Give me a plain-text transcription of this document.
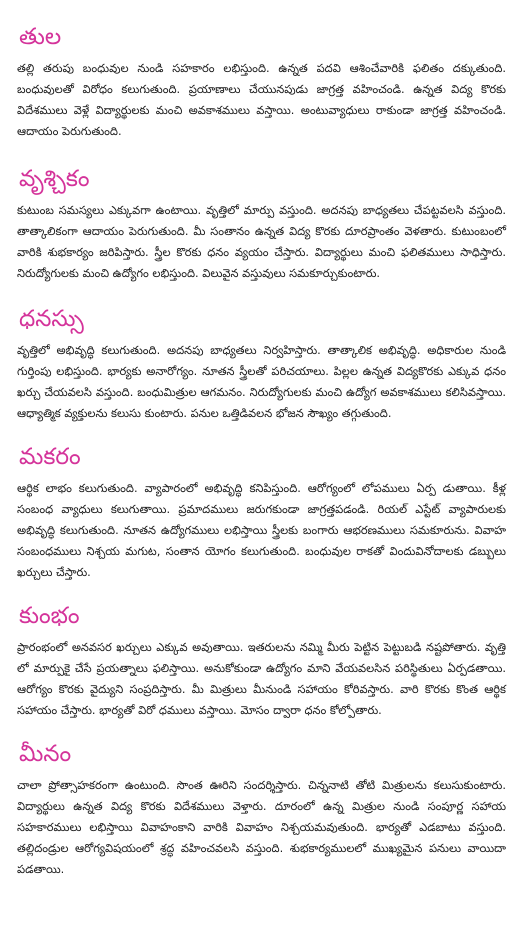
తుల

తల్లి తరుపు బంధువుల నుండి సహకారం లభిస్తుంది. ఉన్నత పదవి ఆశించేవారికి ఫలితం దక్కుతుంది. బంధువులతో విరోధం కలుగుతుంది. ప్రయాణాలు చేయునపుడు జాగ్రత్త వహించండి. ఉన్నత విద్య కొరకు విదేశములు వెళ్లే విద్యార్థులకు మంచి అవకాశములు వస్తాయి. అంటువ్యాధులు రాకుండా జాగ్రత్త వహించండి. ఆదాయం పెరుగుతుంది.

వృశ్చికం

కుటుంబ సమస్యలు ఎక్కువగా ఉంటాయి. వృత్తిలో మార్పు వస్తుంది. అదనపు బాధ్యతలు చేపట్టవలసి వస్తుంది. తాత్కాలికంగా ఆదాయం పెరుగుతుంది. మీ సంతానం ఉన్నత విద్య కొరకు దూరప్రాంతం వెళతారు. కుటుంబంలో వారికి శుభకార్యం జరిపిస్తారు. స్త్రీల కొరకు ధనం వ్యయం చేస్తారు. విద్యార్థులు మంచి ఫలితములు సాధిస్తారు. నిరుద్యోగులకు మంచి ఉద్యోగం లభిస్తుంది. విలువైన వస్తువులు సమకూర్చుకుంటారు.

ధనస్సు

వృత్తిలో అభివృద్ధి కలుగుతుంది. అదనపు బాధ్యతలు నిర్వహిస్తారు. తాత్కాలిక అభివృద్ధి. అధికారుల నుండి గుర్తింపు లభిస్తుంది. భార్యకు అనారోగ్యం. నూతన స్త్రీలతో పరిచయాలు. పిల్లల ఉన్నత విద్యకొరకు ఎక్కువ ధనం ఖర్చు చేయవలసి వస్తుంది. బంధుమిత్రుల ఆగమనం. నిరుద్యోగులకు మంచి ఉద్యోగ అవకాశములు కలిసివస్తాయి. ఆధ్యాత్మిక వ్యక్తులను కలుసు కుంటారు. పనుల ఒత్తిడివలన భోజన సౌఖ్యం తగ్గుతుంది.

మకరం

ఆర్థిక లాభం కలుగుతుంది. వ్యాపారంలో అభివృద్ధి కనిపిస్తుంది. ఆరోగ్యంలో లోపములు ఏర్ప డుతాయి. కీళ్ల సంబంధ వ్యాధులు కలుగుతాయి. ప్రమాదములు జరుగకుండా జాగ్రత్తపడండి. రియల్ ఎస్టేట్ వ్యాపారులకు అభివృద్ధి కలుగుతుంది. నూతన ఉద్యోగములు లభిస్తాయి స్త్రీలకు బంగారు ఆభరణములు సమకూరును. వివాహ సంబంధములు నిశ్చయ మగుట, సంతాన యోగం కలుగుతుంది. బంధువుల రాకతో విందువినోదాలకు డబ్బులు ఖర్చులు చేస్తారు.

కుంభం

ప్రారంభంలో అనవసర ఖర్చులు ఎక్కువ అవుతాయి. ఇతరులను నమ్మి మీరు పెట్టిన పెట్టుబడి నష్టపోతారు. వృత్తి లో మార్పుకై చేసే ప్రయత్నాలు ఫలిస్తాయి. అనుకోకుండా ఉద్యోగం మాని వేయవలసిన పరిస్థితులు ఏర్పడతాయి. ఆరోగ్యం కొరకు వైద్యుని సంప్రదిస్తారు. మీ మిత్రులు మీనుండి సహాయం కోరివస్తారు. వారి కొరకు కొంత ఆర్థిక సహాయం చేస్తారు. భార్యతో విరో ధములు వస్తాయి. మోసం ద్వారా ధనం కోల్పోతారు.

మీనం

చాలా ప్రోత్సాహకరంగా ఉంటుంది. సొంత ఊరిని సందర్శిస్తారు. చిన్ననాటి తోటి మిత్రులను కలుసుకుంటారు. విద్యార్థులు ఉన్నత విద్య కొరకు విదేశములు వెళ్తారు. దూరంలో ఉన్న మిత్రుల నుండి సంపూర్ణ సహాయ సహకారములు లభిస్తాయి వివాహంకాని వారికి వివాహం నిశ్చయమవుతుంది. భార్యతో ఎడబాటు వస్తుంది. తల్లిదండ్రుల ఆరోగ్యవిషయంలో శ్రద్ధ వహించవలసి వస్తుంది. శుభకార్యములలో ముఖ్యమైన పనులు వాయిదా పడతాయి.
